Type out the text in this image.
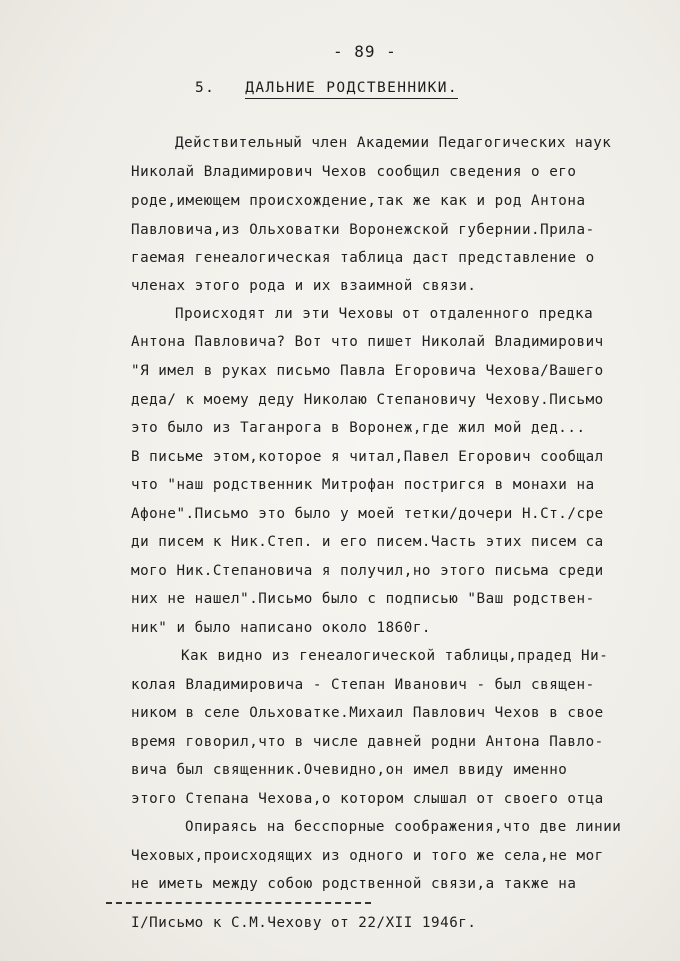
- 89 -
5. ДАЛЬНИЕ РОДСТВЕННИКИ.
Действительный член Академии Педагогических наук
Николай Владимирович Чехов сообщил сведения о его
роде,имеющем происхождение,так же как и род Антона
Павловича,из Ольховатки Воронежской губернии.Прила-
гаемая генеалогическая таблица даст представление о
членах этого рода и их взаимной связи.
Происходят ли эти Чеховы от отдаленного предка
Антона Павловича? Вот что пишет Николай Владимирович
"Я имел в руках письмо Павла Егоровича Чехова/Вашего
деда/ к моему деду Николаю Степановичу Чехову.Письмо
это было из Таганрога в Воронеж,где жил мой дед...
В письме этом,которое я читал,Павел Егорович сообщал
что "наш родственник Митрофан постригся в монахи на
Афоне".Письмо это было у моей тетки/дочери Н.Ст./сре
ди писем к Ник.Степ. и его писем.Часть этих писем са
мого Ник.Степановича я получил,но этого письма среди
них не нашел".Письмо было с подписью "Ваш родствен-
ник" и было написано около 1860г.
Как видно из генеалогической таблицы,прадед Ни-
колая Владимировича - Степан Иванович - был священ-
ником в селе Ольховатке.Михаил Павлович Чехов в свое
время говорил,что в числе давней родни Антона Павло-
вича был священник.Очевидно,он имел ввиду именно
этого Степана Чехова,о котором слышал от своего отца
Опираясь на бесспорные соображения,что две линии
Чеховых,происходящих из одного и того же села,не мог
не иметь между собою родственной связи,а также на
I/Письмо к С.М.Чехову от 22/XII 1946г.
